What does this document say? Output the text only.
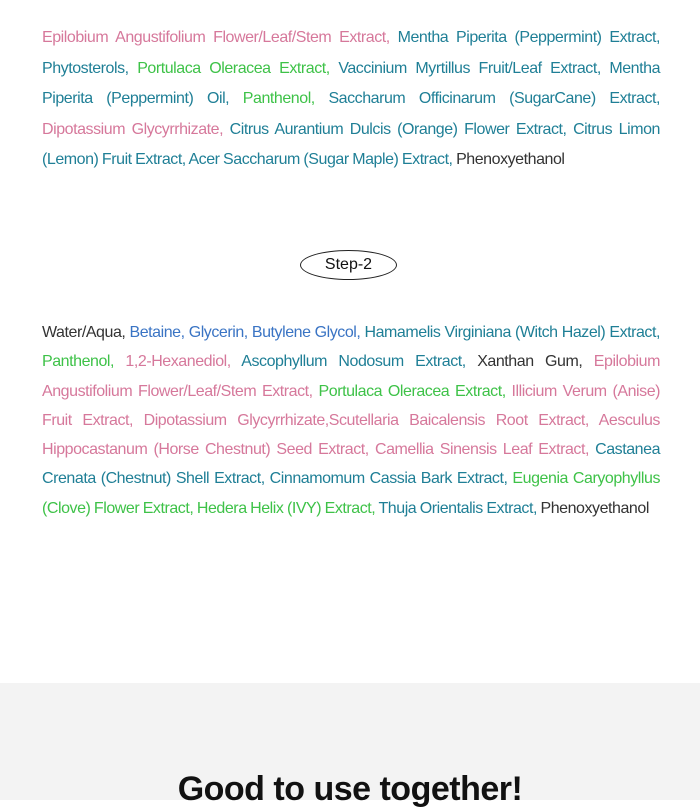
Epilobium Angustifolium Flower/Leaf/Stem Extract, Mentha Piperita (Peppermint) Extract, Phytosterols, Portulaca Oleracea Extract, Vaccinium Myrtillus Fruit/Leaf Extract, Mentha Piperita (Peppermint) Oil, Panthenol, Saccharum Officinarum (SugarCane) Extract, Dipotassium Glycyrrhizate, Citrus Aurantium Dulcis (Orange) Flower Extract, Citrus Limon (Lemon) Fruit Extract, Acer Saccharum (Sugar Maple) Extract, Phenoxyethanol

Step-2

Water/Aqua, Betaine, Glycerin, Butylene Glycol, Hamamelis Virginiana (Witch Hazel) Extract, Panthenol, 1,2-Hexanediol, Ascophyllum Nodosum Extract, Xanthan Gum, Epilobium Angustifolium Flower/Leaf/Stem Extract, Portulaca Oleracea Extract, Illicium Verum (Anise) Fruit Extract, Dipotassium Glycyrrhizate,Scutellaria Baicalensis Root Extract, Aesculus Hippocastanum (Horse Chestnut) Seed Extract, Camellia Sinensis Leaf Extract, Castanea Crenata (Chestnut) Shell Extract, Cinnamomum Cassia Bark Extract, Eugenia Caryophyllus (Clove) Flower Extract, Hedera Helix (IVY) Extract, Thuja Orientalis Extract, Phenoxyethanol

Good to use together!
